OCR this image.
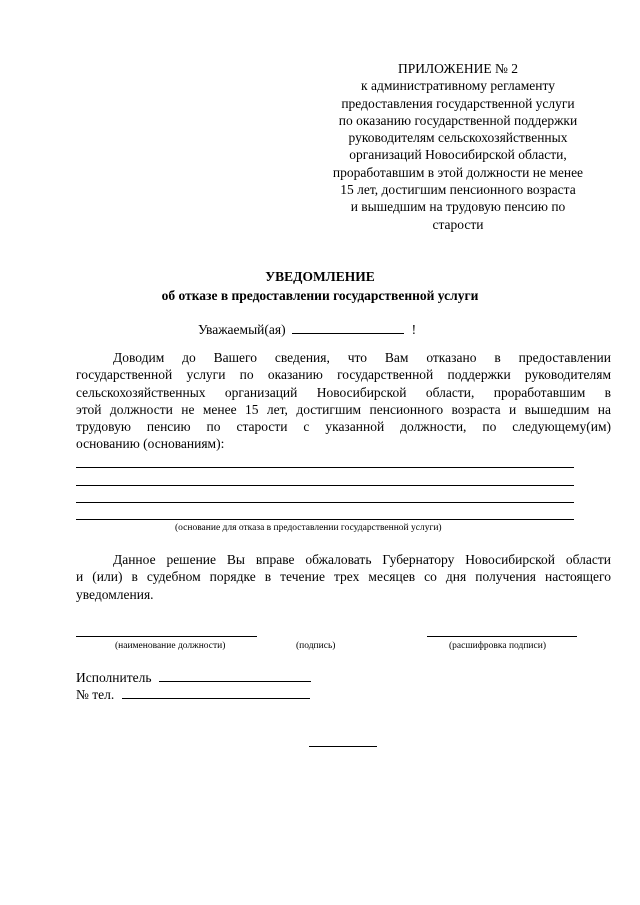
ПРИЛОЖЕНИЕ № 2
к административному регламенту
предоставления государственной услуги
по оказанию государственной поддержки
руководителям сельскохозяйственных
организаций Новосибирской области,
проработавшим в этой должности не менее
15 лет, достигшим пенсионного возраста
и вышедшим на трудовую пенсию по
старости
УВЕДОМЛЕНИЕ
об отказе в предоставлении государственной услуги
Уважаемый(ая)	!
Доводим до Вашего сведения, что Вам отказано в предоставлении
государственной услуги по оказанию государственной поддержки руководителям
сельскохозяйственных организаций Новосибирской области, проработавшим в
этой должности не менее 15 лет, достигшим пенсионного возраста и вышедшим на
трудовую пенсию по старости с указанной должности, по следующему(им)
основанию (основаниям):
(основание для отказа в предоставлении государственной услуги)
Данное решение Вы вправе обжаловать Губернатору Новосибирской области
и (или) в судебном порядке в течение трех месяцев со дня получения настоящего
уведомления.
(наименование должности)	(подпись)	(расшифровка подписи)
Исполнитель
№ тел.
